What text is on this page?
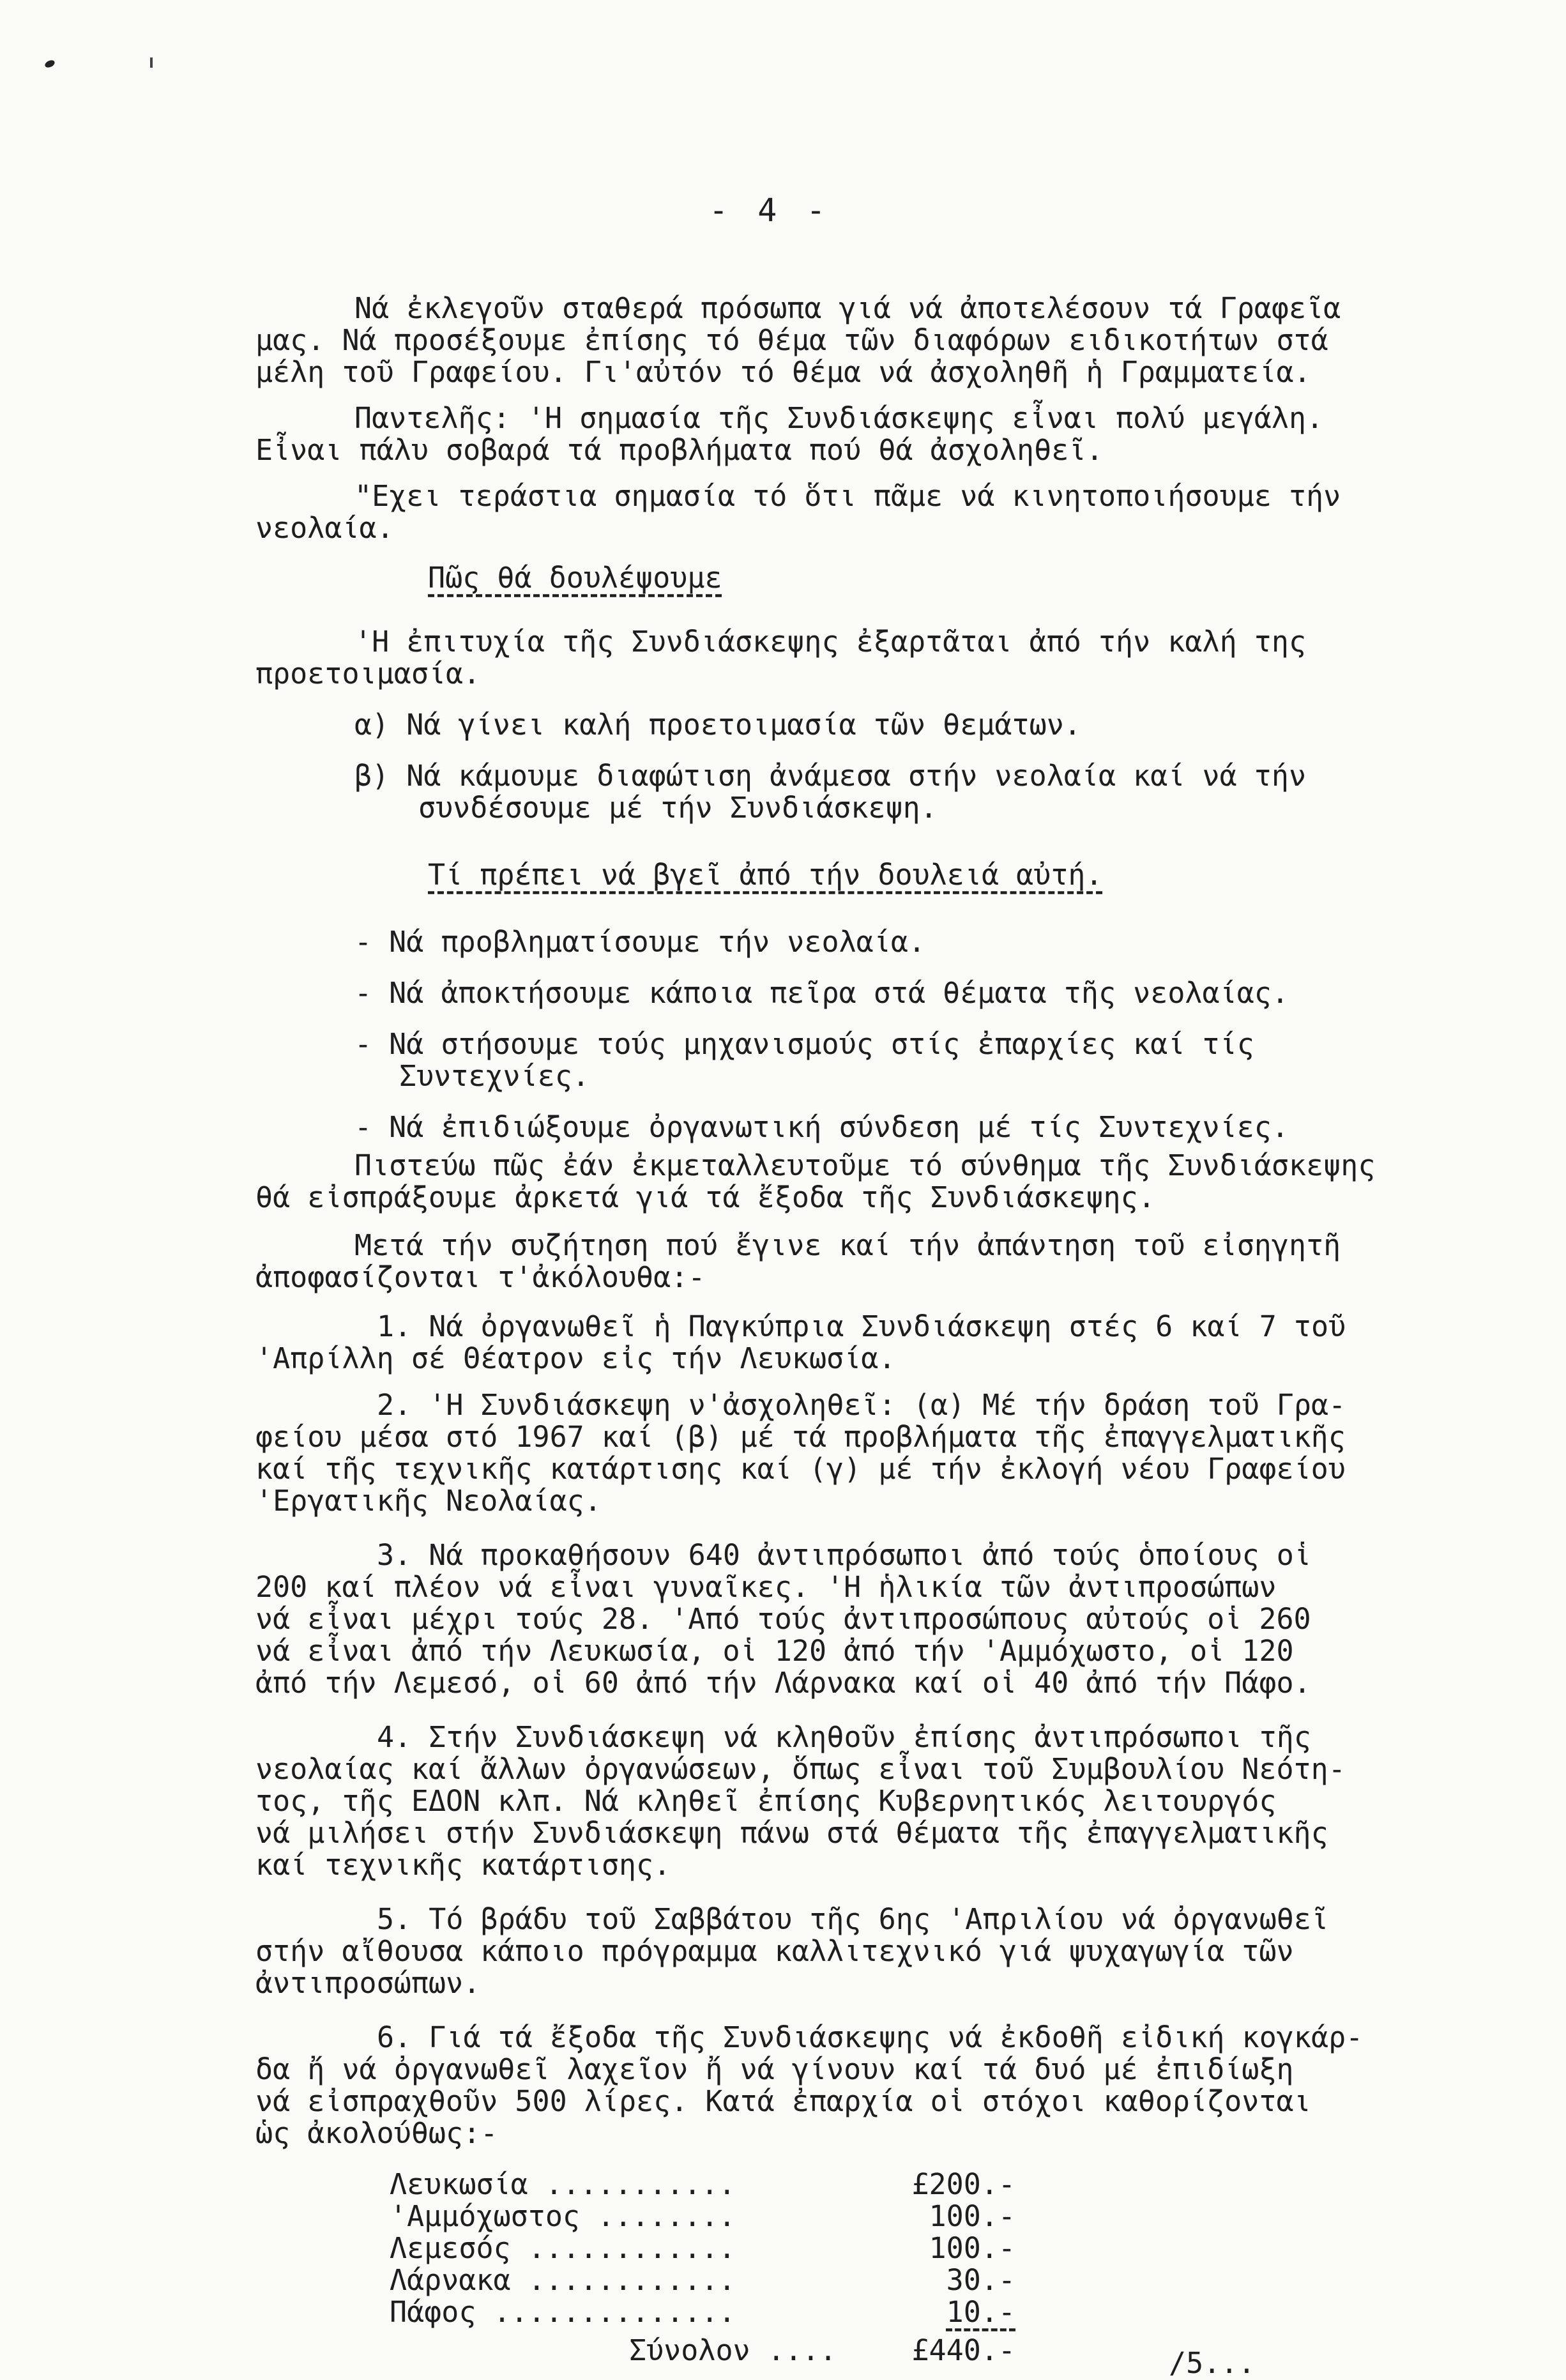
- 4 -
Νά ἐκλεγοῦν σταθερά πρόσωπα γιά νά ἀποτελέσουν τά Γραφεῖα
μας. Νά προσέξουμε ἐπίσης τό θέμα τῶν διαφόρων ειδικοτήτων στά
μέλη τοῦ Γραφείου. Γι'αὐτόν τό θέμα νά ἀσχοληθῆ ἡ Γραμματεία.
Παντελῆς: 'Η σημασία τῆς Συνδιάσκεψης εἶναι πολύ μεγάλη.
Εἶναι πάλυ σοβαρά τά προβλήματα πού θά ἀσχοληθεῖ.
"Εχει τεράστια σημασία τό ὅτι πᾶμε νά κινητοποιήσουμε τήν
νεολαία.
Πῶς θά δουλέψουμε
'Η ἐπιτυχία τῆς Συνδιάσκεψης ἐξαρτᾶται ἀπό τήν καλή της
προετοιμασία.
α) Νά γίνει καλή προετοιμασία τῶν θεμάτων.
β) Νά κάμουμε διαφώτιση ἀνάμεσα στήν νεολαία καί νά τήν
συνδέσουμε μέ τήν Συνδιάσκεψη.
Τί πρέπει νά βγεῖ ἀπό τήν δουλειά αὐτή.
- Νά προβληματίσουμε τήν νεολαία.
- Νά ἀποκτήσουμε κάποια πεῖρα στά θέματα τῆς νεολαίας.
- Νά στήσουμε τούς μηχανισμούς στίς ἐπαρχίες καί τίς
Συντεχνίες.
- Νά ἐπιδιώξουμε ὀργανωτική σύνδεση μέ τίς Συντεχνίες.
Πιστεύω πῶς ἐάν ἐκμεταλλευτοῦμε τό σύνθημα τῆς Συνδιάσκεψης
θά εἰσπράξουμε ἀρκετά γιά τά ἔξοδα τῆς Συνδιάσκεψης.
Μετά τήν συζήτηση πού ἔγινε καί τήν ἀπάντηση τοῦ εἰσηγητῆ
ἀποφασίζονται τ'ἀκόλουθα:-
1. Νά ὀργανωθεῖ ἡ Παγκύπρια Συνδιάσκεψη στές 6 καί 7 τοῦ
'Απρίλλη σέ Θέατρον εἰς τήν Λευκωσία.
2. 'Η Συνδιάσκεψη ν'ἀσχοληθεῖ: (α) Μέ τήν δράση τοῦ Γρα-
φείου μέσα στό 1967 καί (β) μέ τά προβλήματα τῆς ἐπαγγελματικῆς
καί τῆς τεχνικῆς κατάρτισης καί (γ) μέ τήν ἐκλογή νέου Γραφείου
'Εργατικῆς Νεολαίας.
3. Νά προκαθήσουν 640 ἀντιπρόσωποι ἀπό τούς ὁποίους οἱ
200 καί πλέον νά εἶναι γυναῖκες. 'Η ἡλικία τῶν ἀντιπροσώπων
νά εἶναι μέχρι τούς 28. 'Από τούς ἀντιπροσώπους αὐτούς οἱ 260
νά εἶναι ἀπό τήν Λευκωσία, οἱ 120 ἀπό τήν 'Αμμόχωστο, οἱ 120
ἀπό τήν Λεμεσό, οἱ 60 ἀπό τήν Λάρνακα καί οἱ 40 ἀπό τήν Πάφο.
4. Στήν Συνδιάσκεψη νά κληθοῦν ἐπίσης ἀντιπρόσωποι τῆς
νεολαίας καί ἄλλων ὀργανώσεων, ὅπως εἶναι τοῦ Συμβουλίου Νεότη-
τος, τῆς ΕΔΟΝ κλπ. Νά κληθεῖ ἐπίσης Κυβερνητικός λειτουργός
νά μιλήσει στήν Συνδιάσκεψη πάνω στά θέματα τῆς ἐπαγγελματικῆς
καί τεχνικῆς κατάρτισης.
5. Τό βράδυ τοῦ Σαββάτου τῆς 6ης 'Απριλίου νά ὀργανωθεῖ
στήν αἴθουσα κάποιο πρόγραμμα καλλιτεχνικό γιά ψυχαγωγία τῶν
ἀντιπροσώπων.
6. Γιά τά ἔξοδα τῆς Συνδιάσκεψης νά ἐκδοθῆ εἰδική κογκάρ-
δα ἤ νά ὀργανωθεῖ λαχεῖον ἤ νά γίνουν καί τά δυό μέ ἐπιδίωξη
νά εἰσπραχθοῦν 500 λίρες. Κατά ἐπαρχία οἱ στόχοι καθορίζονται
ὡς ἀκολούθως:-
Λευκωσία ...........	£200.-
'Αμμόχωστος ........	100.-
Λεμεσός ............	100.-
Λάρνακα ............	30.-
Πάφος ..............	10.-
Σύνολον ....	£440.-	/5...
